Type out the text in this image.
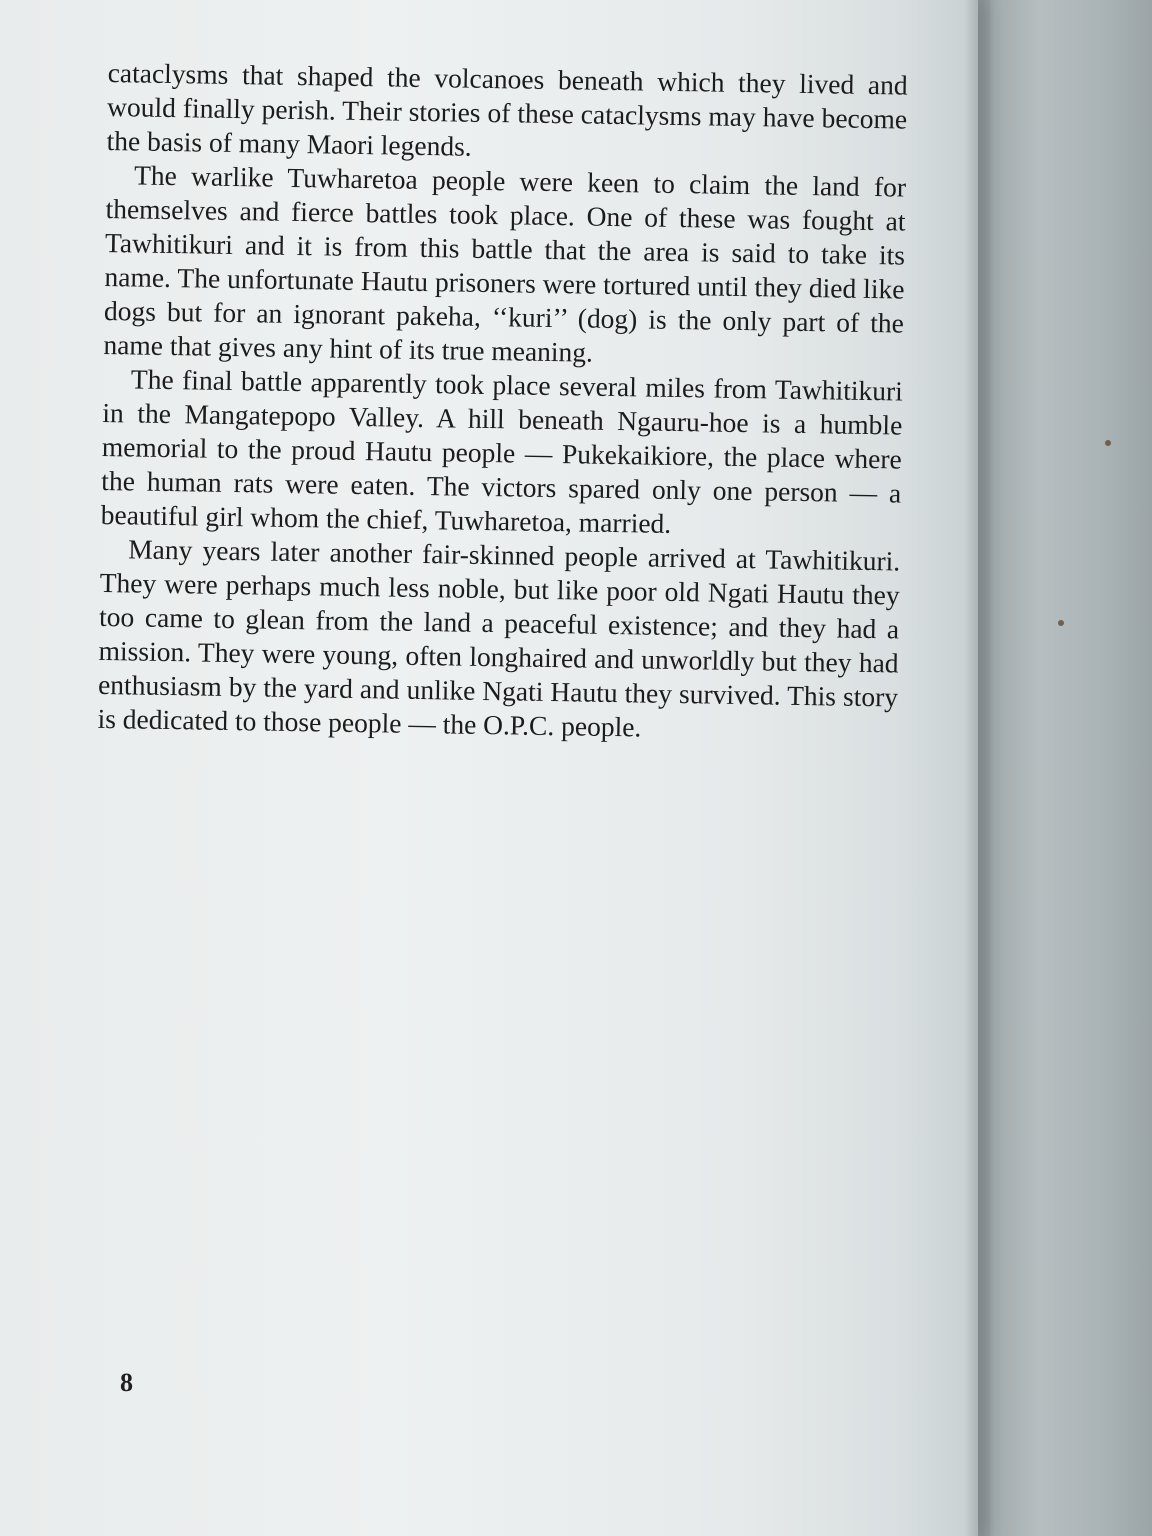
cataclysms that shaped the volcanoes beneath which they lived and would finally perish. Their stories of these cataclysms may have become the basis of many Maori legends.

The warlike Tuwharetoa people were keen to claim the land for themselves and fierce battles took place. One of these was fought at Tawhitikuri and it is from this battle that the area is said to take its name. The unfortunate Hautu prisoners were tortured until they died like dogs but for an ignorant pakeha, ‘‘kuri’’ (dog) is the only part of the name that gives any hint of its true meaning.

The final battle apparently took place several miles from Tawhitikuri in the Mangatepopo Valley. A hill beneath Ngauru-hoe is a humble memorial to the proud Hautu people — Pukekaikiore, the place where the human rats were eaten. The victors spared only one person — a beautiful girl whom the chief, Tuwharetoa, married.

Many years later another fair-skinned people arrived at Tawhitikuri. They were perhaps much less noble, but like poor old Ngati Hautu they too came to glean from the land a peaceful existence; and they had a mission. They were young, often longhaired and unworldly but they had enthusiasm by the yard and unlike Ngati Hautu they survived. This story is dedicated to those people — the O.P.C. people.

8
